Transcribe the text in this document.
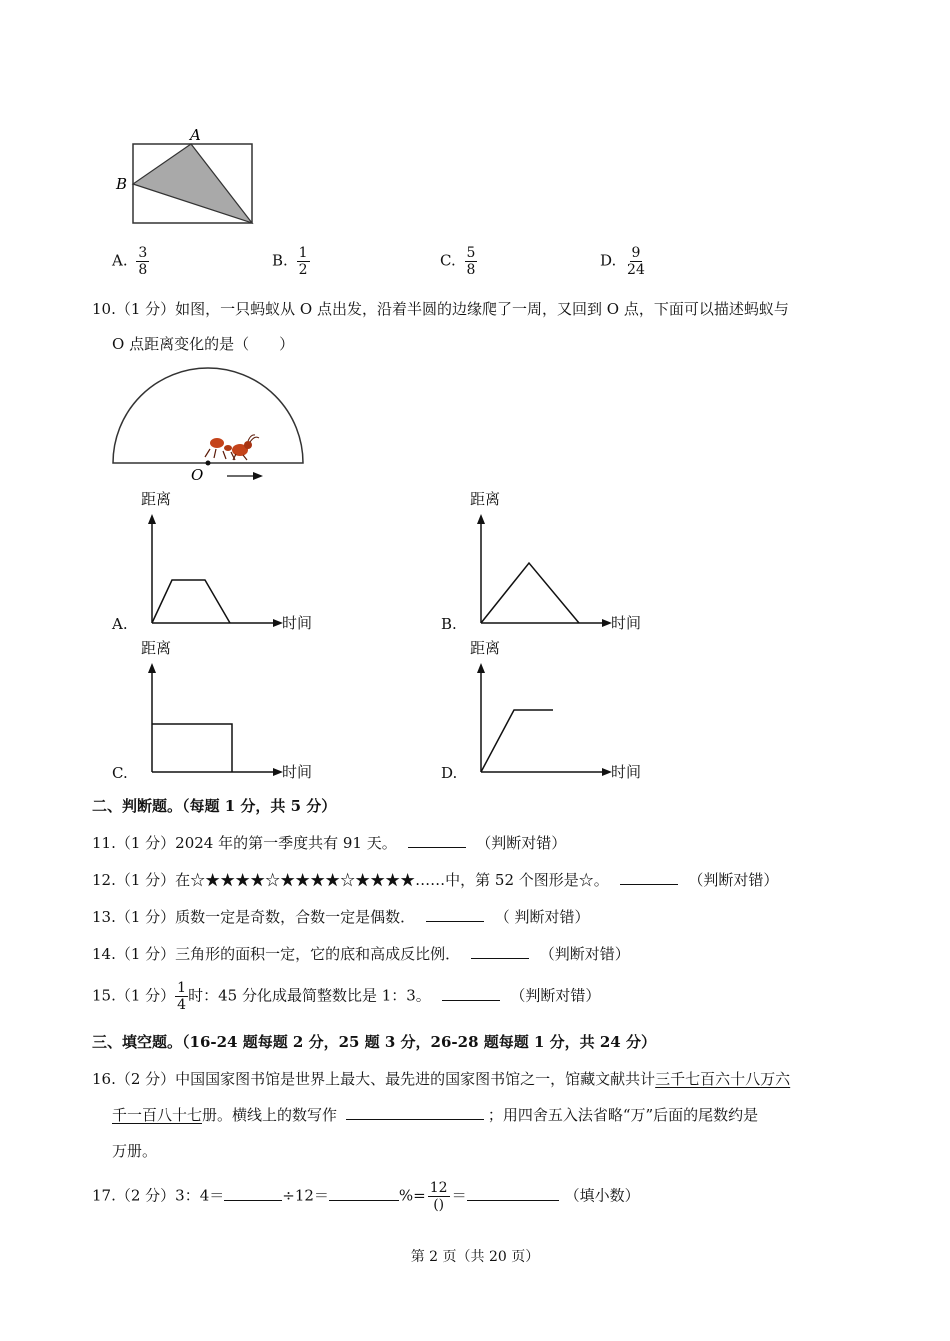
A
B
A. $\frac{3}{8}$	B. $\frac{1}{2}$	C. $\frac{5}{8}$	D. $\frac{9}{24}$
10.（1 分）如图，一只蚂蚁从 O 点出发，沿着半圆的边缘爬了一周，又回到 O 点，下面可以描述蚂蚁与
O 点距离变化的是（　　）
O
距离
时间
A.
距离
时间
B.
距离
时间
C.
距离
时间
D.
二、判断题。（每题 1 分，共 5 分）
11.（1 分）2024 年的第一季度共有 91 天。	（判断对错）
12.（1 分）在☆★★★★☆★★★★☆★★★★……中，第 52 个图形是☆。	（判断对错）
13.（1 分）质数一定是奇数，合数一定是偶数．	（ 判断对错）
14.（1 分）三角形的面积一定，它的底和高成反比例．	（判断对错）
15.（1 分） $\frac{1}{4}$ 时：45 分化成最简整数比是 1：3。	（判断对错）
三、填空题。（16-24 题每题 2 分，25 题 3 分，26-28 题每题 1 分，共 24 分）
16.（2 分）中国国家图书馆是世界上最大、最先进的国家图书馆之一，馆藏文献共计三千七百六十八万六
千一百八十七册。横线上的数写作	；用四舍五入法省略“万”后面的尾数约是
万册。
17.（2 分）3：4＝	÷12＝	%= $\frac{12}{()}$ ＝	（填小数）
第 2 页（共 20 页）
